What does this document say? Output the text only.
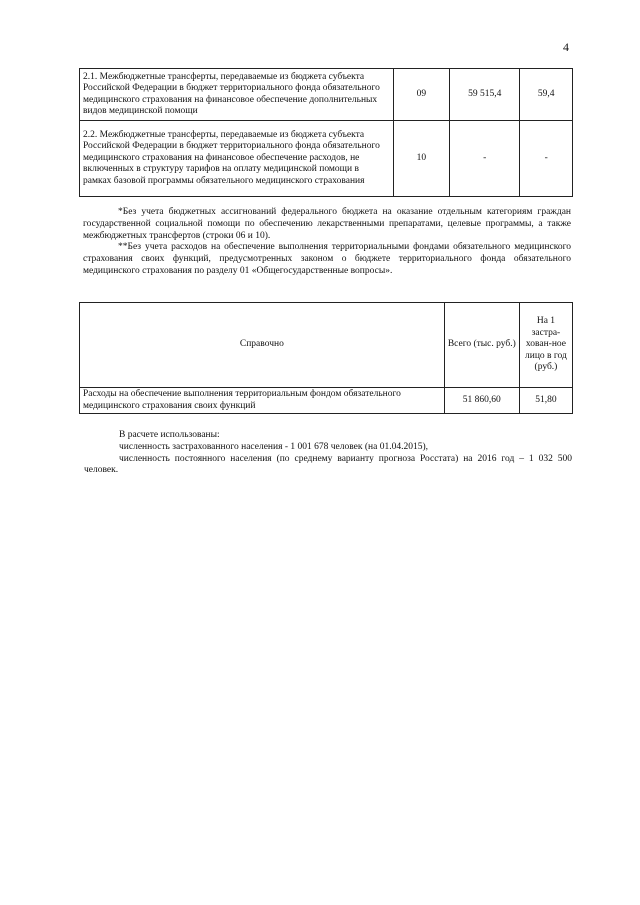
4
2.1. Межбюджетные трансферты, передаваемые из бюджета субъекта Российской Федерации в бюджет территориального фонда обязательного медицинского страхования на финансовое обеспечение дополнительных видов медицинской помощи	09	59 515,4	59,4
2.2. Межбюджетные трансферты, передаваемые из бюджета субъекта Российской Федерации в бюджет территориального фонда обязательного медицинского страхования на финансовое обеспечение расходов, не включенных в структуру тарифов на оплату медицинской помощи в рамках базовой программы обязательного медицинского страхования	10	-	-

*Без учета бюджетных ассигнований федерального бюджета на оказание отдельным категориям граждан государственной социальной помощи по обеспечению лекарственными препаратами, целевые программы, а также межбюджетных трансфертов (строки 06 и 10).

**Без учета расходов на обеспечение выполнения территориальными фондами обязательного медицинского страхования своих функций, предусмотренных законом о бюджете территориального фонда обязательного медицинского страхования по разделу 01 «Общегосударственные вопросы».

Справочно	Всего (тыс. руб.)	На 1 застра-хован-ное лицо в год (руб.)
Расходы на обеспечение выполнения территориальным фондом обязательного медицинского страхования своих функций	51 860,60	51,80

В расчете использованы:

численность застрахованного населения - 1 001 678 человек (на 01.04.2015),

численность постоянного населения (по среднему варианту прогноза Росстата) на 2016 год – 1 032 500 человек.
